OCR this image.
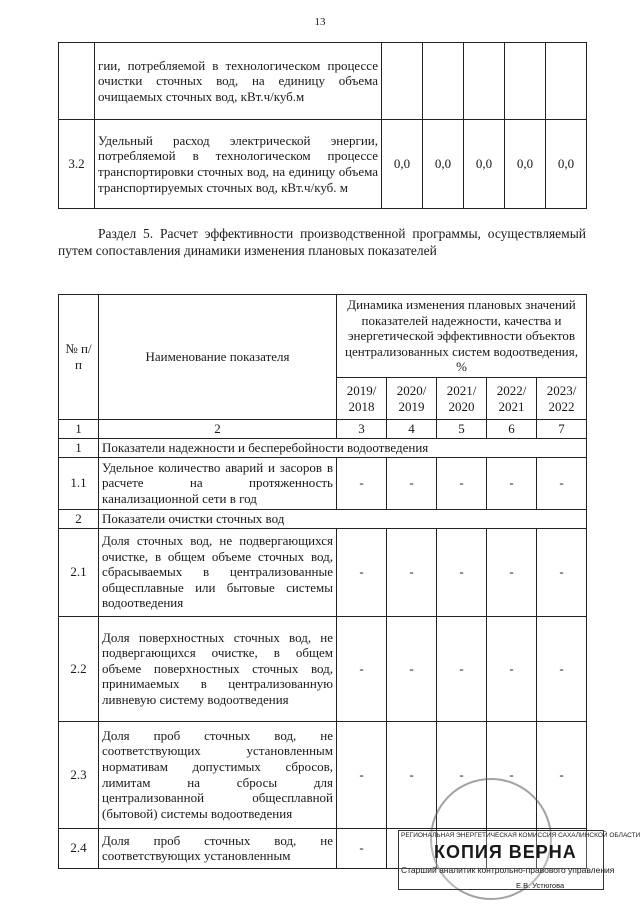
13
	гии, потребляемой в технологическом процессе очистки сточных вод, на единицу объема очищаемых сточных вод, кВт.ч/куб.м					
3.2	Удельный расход электрической энергии, потребляемой в технологическом процессе транспортировки сточных вод, на единицу объема транспортируемых сточных вод, кВт.ч/куб. м	0,0	0,0	0,0	0,0	0,0
Раздел 5. Расчет эффективности производственной программы, осуществляемый путем сопоставления динамики изменения плановых показателей
№ п/п	Наименование показателя	Динамика изменения плановых значений показателей надежности, качества и энергетической эффективности объектов централизованных систем водоотведения, %				
		2019/ 2018	2020/ 2019	2021/ 2020	2022/ 2021	2023/ 2022
1	2	3	4	5	6	7
1	Показатели надежности и бесперебойности водоотведения					
1.1	Удельное количество аварий и засоров в расчете на протяженность канализационной сети в год	-	-	-	-	-
2	Показатели очистки сточных вод					
2.1	Доля сточных вод, не подвергающихся очистке, в общем объеме сточных вод, сбрасываемых в централизованные общесплавные или бытовые системы водоотведения	-	-	-	-	-
2.2	Доля поверхностных сточных вод, не подвергающихся очистке, в общем объеме поверхностных сточных вод, принимаемых в централизованную ливневую систему водоотведения	-	-	-	-	-
2.3	Доля проб сточных вод, не соответствующих установленным нормативам допустимых сбросов, лимитам на сбросы для централизованной общесплавной (бытовой) системы водоотведения	-	-	-	-	-
2.4	Доля проб сточных вод, не соответствующих установленным	-				
РЕГИОНАЛЬНАЯ ЭНЕРГЕТИЧЕСКАЯ КОМИССИЯ САХАЛИНСКОЙ ОБЛАСТИ
КОПИЯ ВЕРНА
Старший аналитик контрольно-правового управления
Е.В. Устюгова
